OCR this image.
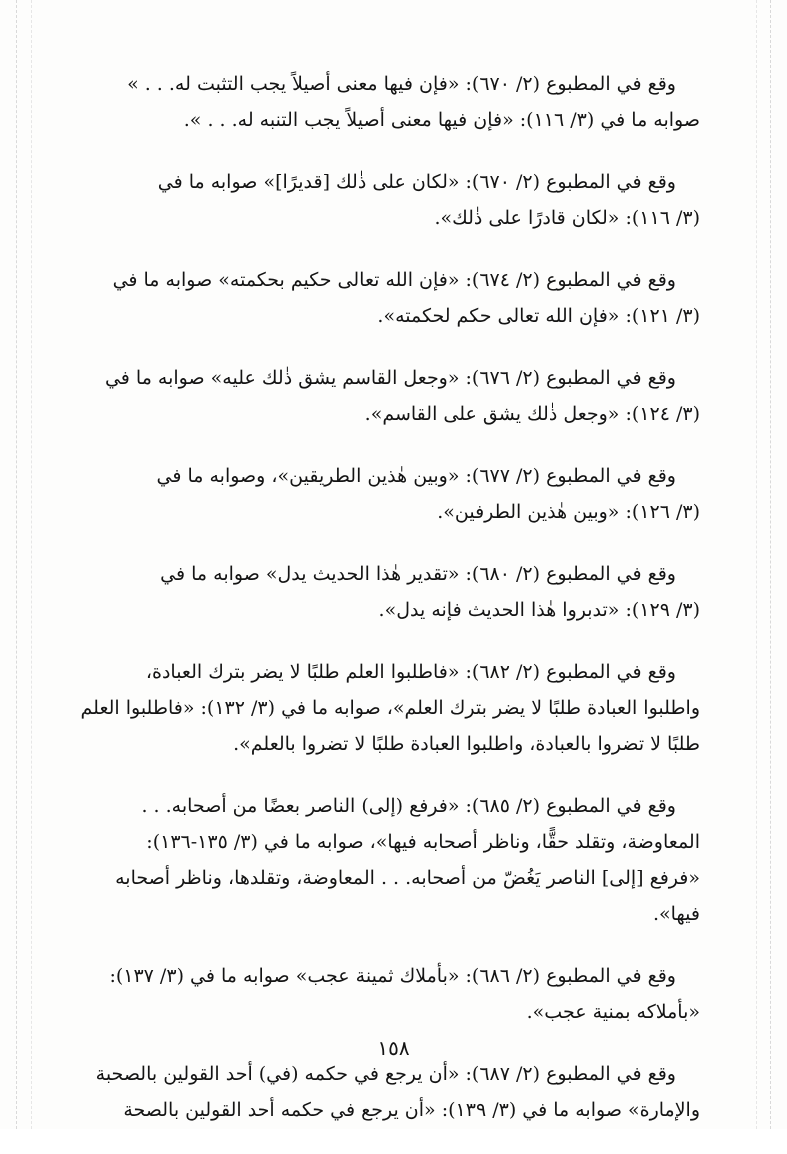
وقع في المطبوع (٢/ ٦٧٠): «فإن فيها معنى أصيلاً يجب التثبت له. . . »
صوابه ما في (٣/ ١١٦): «فإن فيها معنى أصيلاً يجب التنبه له. . . ».
وقع في المطبوع (٢/ ٦٧٠): «لكان على ذٰلك [قديرًا]» صوابه ما في
(٣/ ١١٦): «لكان قادرًا على ذٰلك».
وقع في المطبوع (٢/ ٦٧٤): «فإن الله تعالى حكيم بحكمته» صوابه ما في
(٣/ ١٢١): «فإن الله تعالى حكم لحكمته».
وقع في المطبوع (٢/ ٦٧٦): «وجعل القاسم يشق ذٰلك عليه» صوابه ما في
(٣/ ١٢٤): «وجعل ذٰلك يشق على القاسم».
وقع في المطبوع (٢/ ٦٧٧): «وبين هٰذين الطريقين»، وصوابه ما في
(٣/ ١٢٦): «وبين هٰذين الطرفين».
وقع في المطبوع (٢/ ٦٨٠): «تقدير هٰذا الحديث يدل» صوابه ما في
(٣/ ١٢٩): «تدبروا هٰذا الحديث فإنه يدل».
وقع في المطبوع (٢/ ٦٨٢): «فاطلبوا العلم طلبًا لا يضر بترك العبادة،
واطلبوا العبادة طلبًا لا يضر بترك العلم»، صوابه ما في (٣/ ١٣٢): «فاطلبوا العلم
طلبًا لا تضروا بالعبادة، واطلبوا العبادة طلبًا لا تضروا بالعلم».
وقع في المطبوع (٢/ ٦٨٥): «فرفع (إلى) الناصر بعضًا من أصحابه. . .
المعاوضة، وتقلد حقًّا، وناظر أصحابه فيها»، صوابه ما في (٣/ ١٣٥-١٣٦):
«فرفع [إلى] الناصر يَغُضّ من أصحابه. . . المعاوضة، وتقلدها، وناظر أصحابه
فيها».
وقع في المطبوع (٢/ ٦٨٦): «بأملاك ثمينة عجب» صوابه ما في (٣/ ١٣٧):
«بأملاكه بمنية عجب».
وقع في المطبوع (٢/ ٦٨٧): «أن يرجع في حكمه (في) أحد القولين بالصحبة
والإمارة» صوابه ما في (٣/ ١٣٩): «أن يرجع في حكمه أحد القولين بالصحة
١٥٨
